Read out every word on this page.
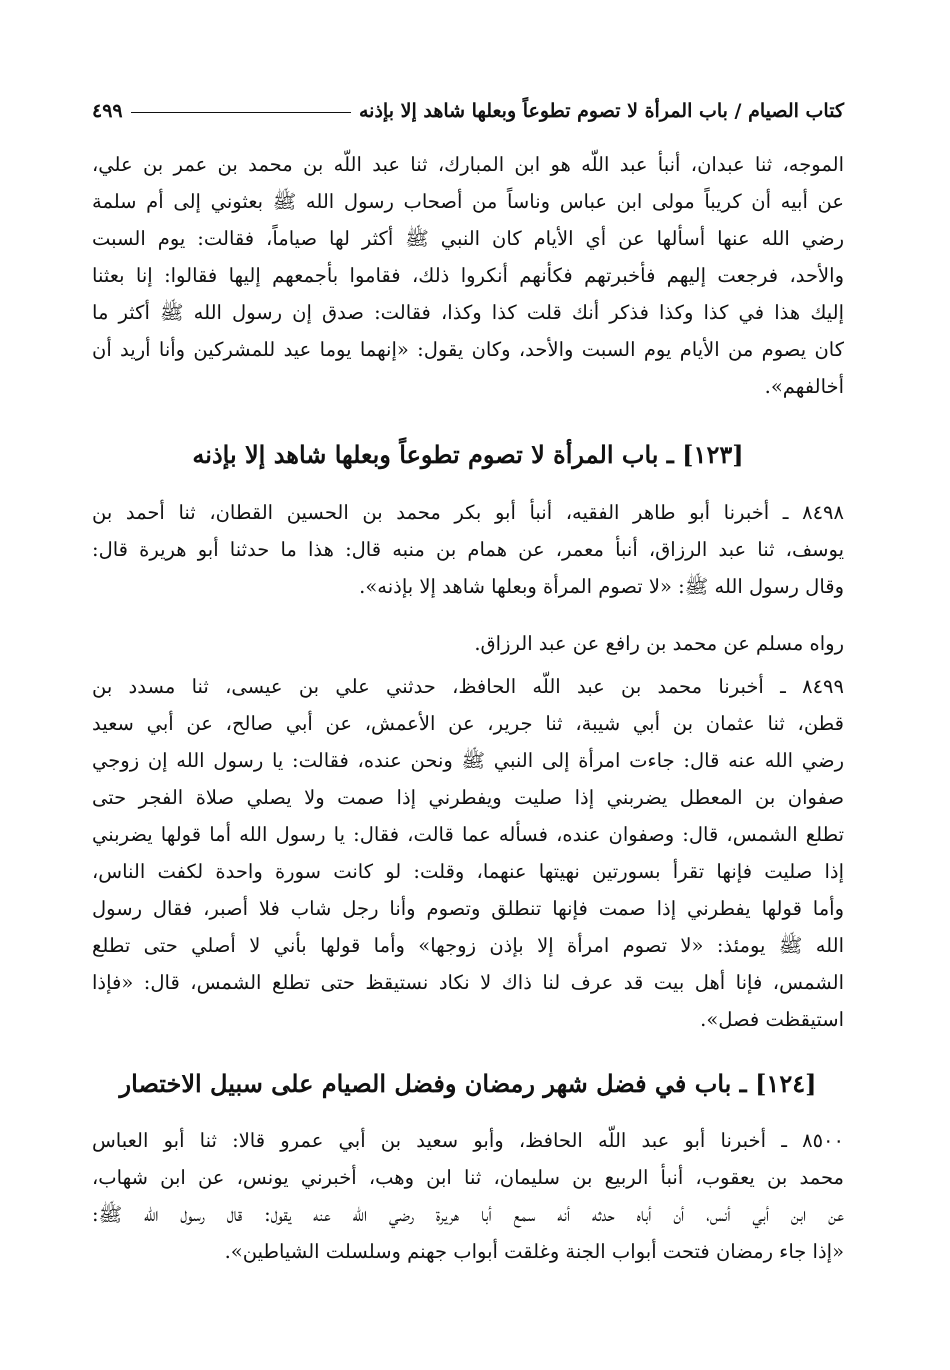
كتاب الصيام / باب المرأة لا تصوم تطوعاً وبعلها شاهد إلا بإذنه
٤٩٩
الموجه، ثنا عبدان، أنبأ عبد اللّه هو ابن المبارك، ثنا عبد اللّه بن محمد بن عمر بن علي،
عن أبيه أن كريباً مولى ابن عباس وناساً من أصحاب رسول الله ﷺ بعثوني إلى أم سلمة
رضي الله عنها أسألها عن أي الأيام كان النبي ﷺ أكثر لها صياماً، فقالت: يوم السبت
والأحد، فرجعت إليهم فأخبرتهم فكأنهم أنكروا ذلك، فقاموا بأجمعهم إليها فقالوا: إنا بعثنا
إليك هذا في كذا وكذا فذكر أنك قلت كذا وكذا، فقالت: صدق إن رسول الله ﷺ أكثر ما
كان يصوم من الأيام يوم السبت والأحد، وكان يقول: «إنهما يوما عيد للمشركين وأنا أريد أن
أخالفهم».
[١٢٣] ـ باب المرأة لا تصوم تطوعاً وبعلها شاهد إلا بإذنه
٨٤٩٨ ـ أخبرنا أبو طاهر الفقيه، أنبأ أبو بكر محمد بن الحسين القطان، ثنا أحمد بن
يوسف، ثنا عبد الرزاق، أنبأ معمر، عن همام بن منبه قال: هذا ما حدثنا أبو هريرة قال:
وقال رسول الله ﷺ: «لا تصوم المرأة وبعلها شاهد إلا بإذنه».
رواه مسلم عن محمد بن رافع عن عبد الرزاق.
٨٤٩٩ ـ أخبرنا محمد بن عبد اللّه الحافظ، حدثني علي بن عيسى، ثنا مسدد بن
قطن، ثنا عثمان بن أبي شيبة، ثنا جرير، عن الأعمش، عن أبي صالح، عن أبي سعيد
رضي الله عنه قال: جاءت امرأة إلى النبي ﷺ ونحن عنده، فقالت: يا رسول الله إن زوجي
صفوان بن المعطل يضربني إذا صليت ويفطرني إذا صمت ولا يصلي صلاة الفجر حتى
تطلع الشمس، قال: وصفوان عنده، فسأله عما قالت، فقال: يا رسول الله أما قولها يضربني
إذا صليت فإنها تقرأ بسورتين نهيتها عنهما، وقلت: لو كانت سورة واحدة لكفت الناس،
وأما قولها يفطرني إذا صمت فإنها تنطلق وتصوم وأنا رجل شاب فلا أصبر، فقال رسول
الله ﷺ يومئذ: «لا تصوم امرأة إلا بإذن زوجها» وأما قولها بأني لا أصلي حتى تطلع
الشمس، فإنا أهل بيت قد عرف لنا ذاك لا نكاد نستيقظ حتى تطلع الشمس، قال: «فإذا
استيقظت فصل».
[١٢٤] ـ باب في فضل شهر رمضان وفضل الصيام على سبيل الاختصار
٨٥٠٠ ـ أخبرنا أبو عبد اللّه الحافظ، وأبو سعيد بن أبي عمرو قالا: ثنا أبو العباس
محمد بن يعقوب، أنبأ الربيع بن سليمان، ثنا ابن وهب، أخبرني يونس، عن ابن شهاب،
عن ابن أبي أنس، أن أباه حدثه أنه سمع أبا هريرة رضي الله عنه يقول: قال رسول الله ﷺ:
«إذا جاء رمضان فتحت أبواب الجنة وغلقت أبواب جهنم وسلسلت الشياطين».
